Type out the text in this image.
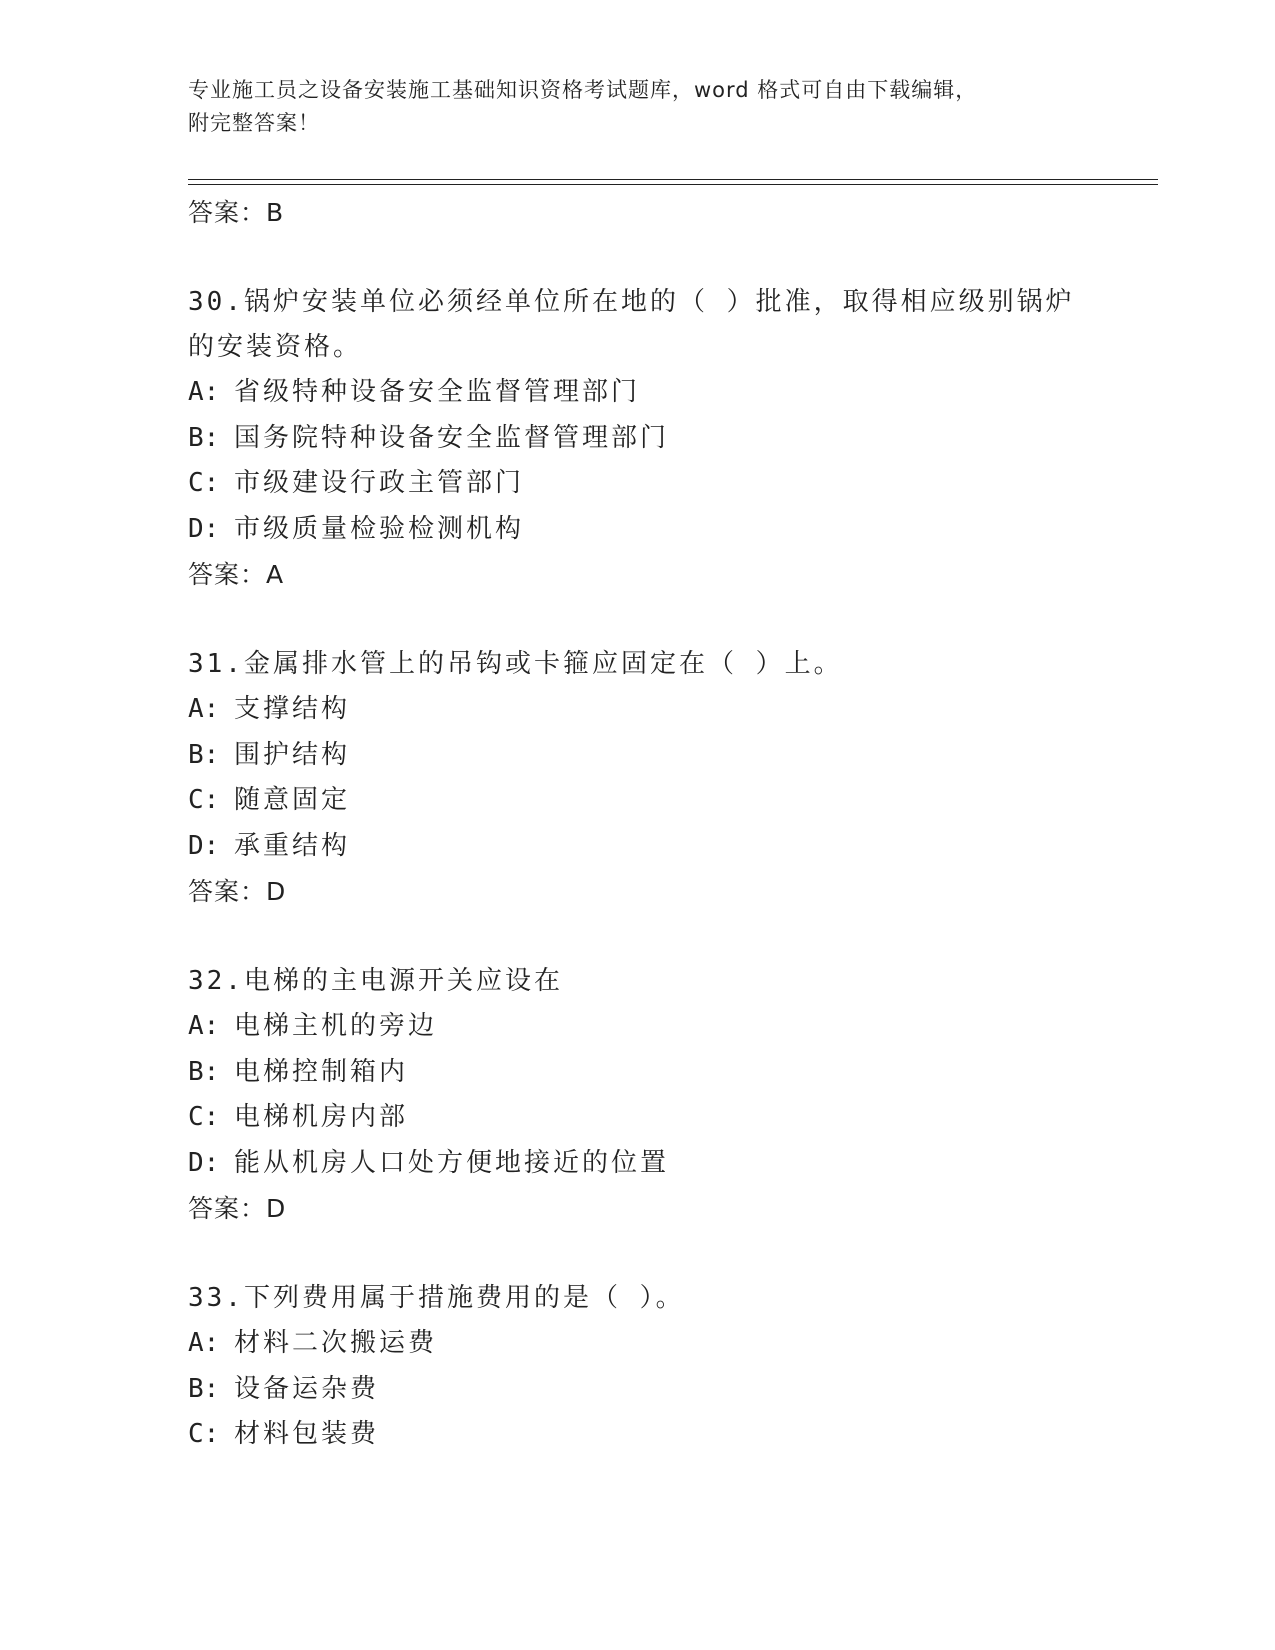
专业施工员之设备安装施工基础知识资格考试题库，word 格式可自由下载编辑，
附完整答案！
答案：B
30.锅炉安装单位必须经单位所在地的（ ）批准，取得相应级别锅炉的安装资格。
A: 省级特种设备安全监督管理部门
B: 国务院特种设备安全监督管理部门
C: 市级建设行政主管部门
D: 市级质量检验检测机构
答案：A
31.金属排水管上的吊钩或卡箍应固定在（ ）上。
A: 支撑结构
B: 围护结构
C: 随意固定
D: 承重结构
答案：D
32.电梯的主电源开关应设在
A: 电梯主机的旁边
B: 电梯控制箱内
C: 电梯机房内部
D: 能从机房人口处方便地接近的位置
答案：D
33.下列费用属于措施费用的是（ ）。
A: 材料二次搬运费
B: 设备运杂费
C: 材料包装费
